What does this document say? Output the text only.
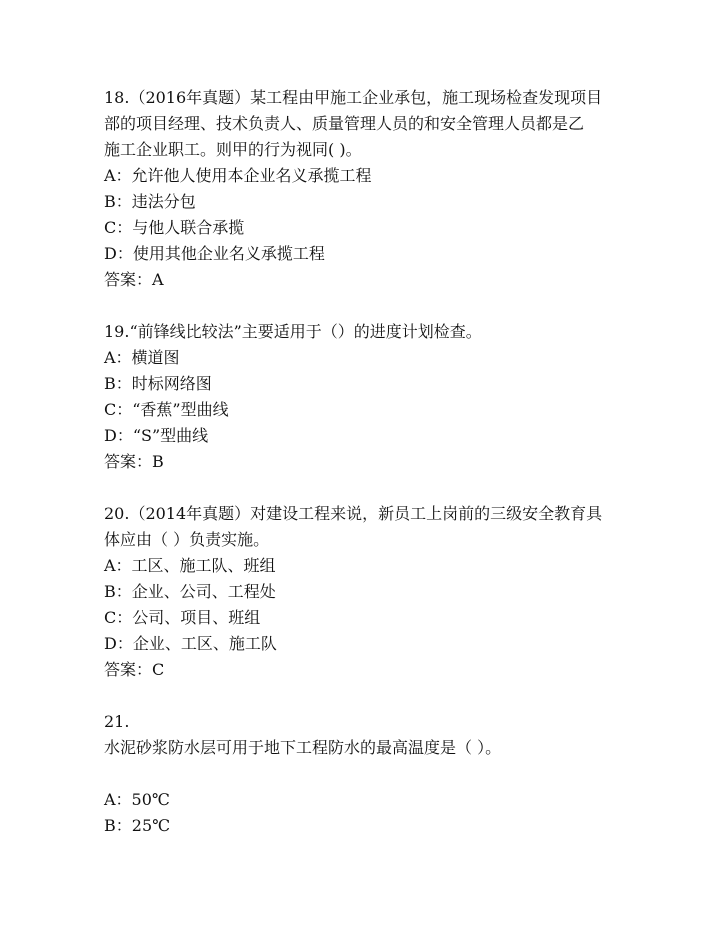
18.（2016年真题）某工程由甲施工企业承包，施工现场检查发现项目
部的项目经理、技术负责人、质量管理人员的和安全管理人员都是乙
施工企业职工。则甲的行为视同( )。
A：允许他人使用本企业名义承揽工程
B：违法分包
C：与他人联合承揽
D：使用其他企业名义承揽工程
答案：A
19.“前锋线比较法”主要适用于（）的进度计划检查。
A：横道图
B：时标网络图
C：“香蕉”型曲线
D：“S”型曲线
答案：B
20.（2014年真题）对建设工程来说，新员工上岗前的三级安全教育具
体应由（ ）负责实施。
A：工区、施工队、班组
B：企业、公司、工程处
C：公司、项目、班组
D：企业、工区、施工队
答案：C
21.
水泥砂浆防水层可用于地下工程防水的最高温度是（ ）。
A：50℃
B：25℃
